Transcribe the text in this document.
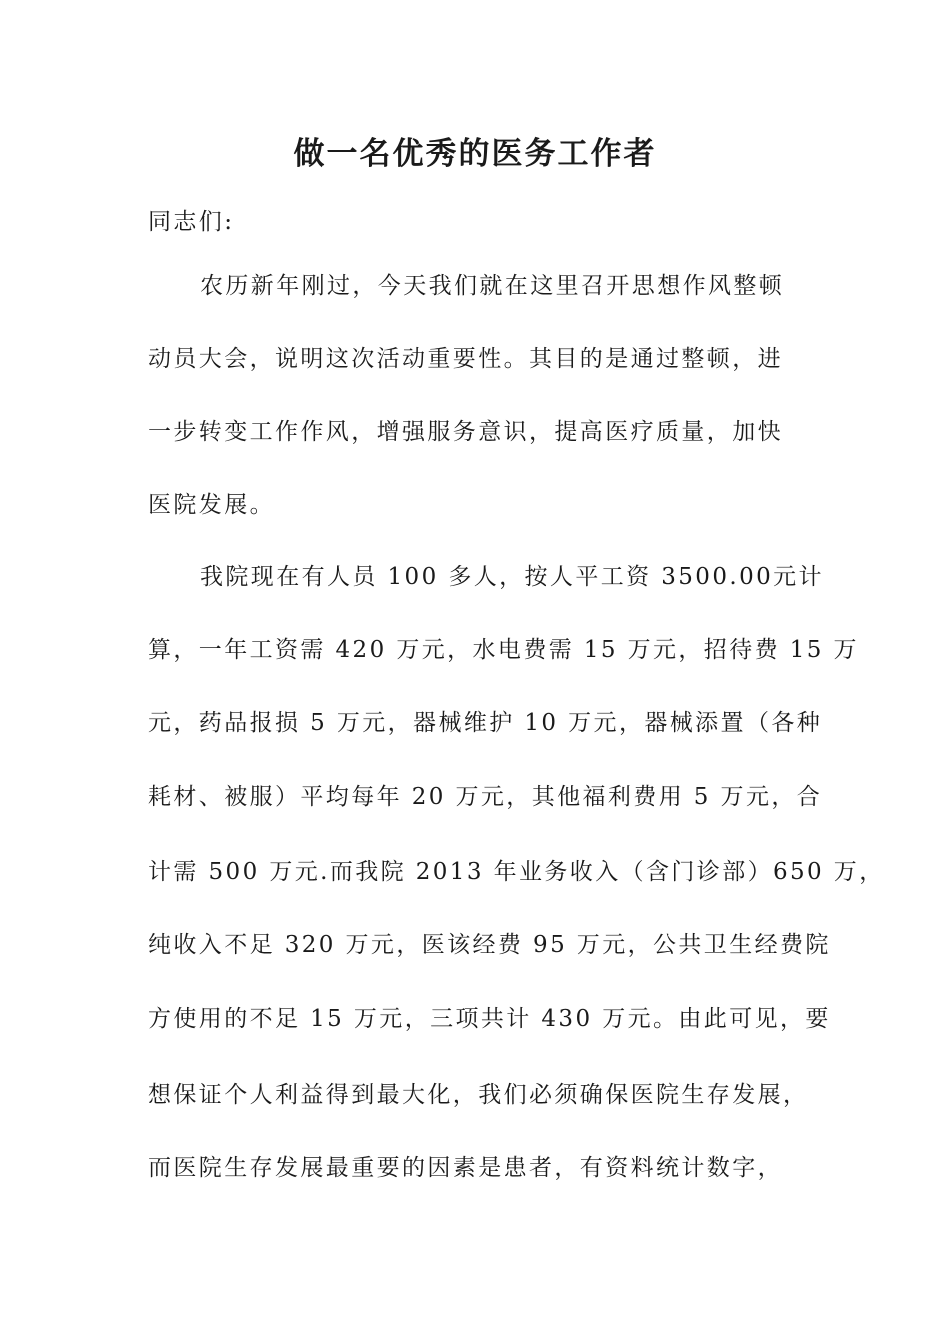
做一名优秀的医务工作者

同志们:

农历新年刚过，今天我们就在这里召开思想作风整顿

动员大会，说明这次活动重要性。其目的是通过整顿，进

一步转变工作作风，增强服务意识，提高医疗质量，加快

医院发展。

我院现在有人员 100 多人，按人平工资 3500.00元计

算，一年工资需 420 万元，水电费需 15 万元，招待费 15 万

元，药品报损 5 万元，器械维护 10 万元，器械添置（各种

耗材、被服）平均每年 20 万元，其他福利费用 5 万元，合

计需 500 万元.而我院 2013 年业务收入（含门诊部）650 万，

纯收入不足 320 万元，医该经费 95 万元，公共卫生经费院

方使用的不足 15 万元，三项共计 430 万元。由此可见，要

想保证个人利益得到最大化，我们必须确保医院生存发展，

而医院生存发展最重要的因素是患者，有资料统计数字，
